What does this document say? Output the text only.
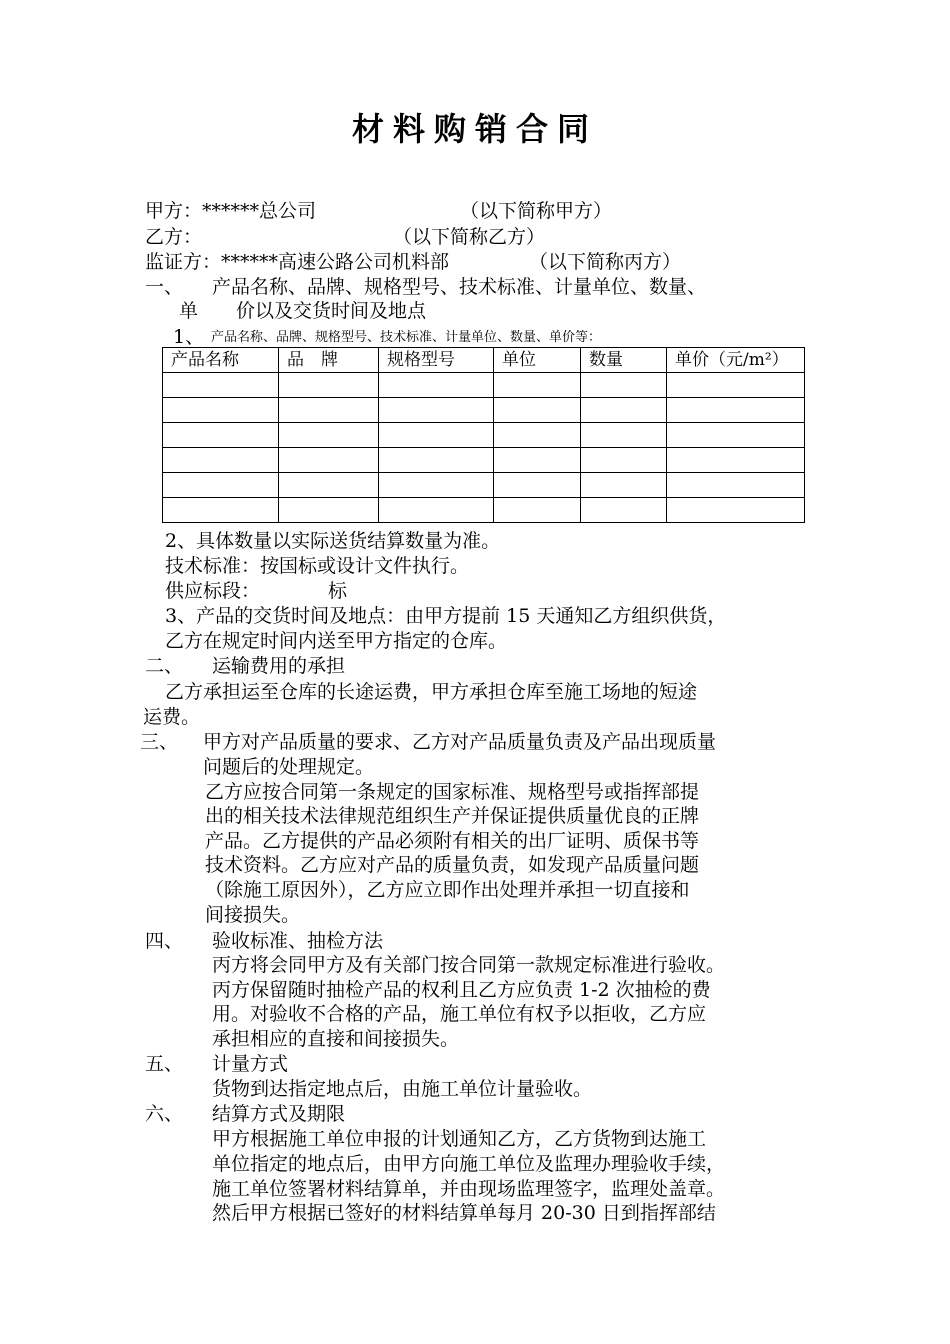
材料购销合同
甲方：******总公司	（以下简称甲方）
乙方：	（以下简称乙方）
监证方：******高速公路公司机料部	（以下简称丙方）
一、 产品名称、品牌、规格型号、技术标准、计量单位、数量、
单　　价以及交货时间及地点
1、 产品名称、品牌、规格型号、技术标准、计量单位、数量、单价等：
产品名称	品　牌	规格型号	单位	数量	单价（元/m²）

2、具体数量以实际送货结算数量为准。
技术标准：按国标或设计文件执行。
供应标段：	标
3、产品的交货时间及地点：由甲方提前 15 天通知乙方组织供货，
乙方在规定时间内送至甲方指定的仓库。
二、 运输费用的承担
乙方承担运至仓库的长途运费，甲方承担仓库至施工场地的短途
运费。
三、 甲方对产品质量的要求、乙方对产品质量负责及产品出现质量
问题后的处理规定。
乙方应按合同第一条规定的国家标准、规格型号或指挥部提
出的相关技术法律规范组织生产并保证提供质量优良的正牌
产品。乙方提供的产品必须附有相关的出厂证明、质保书等
技术资料。乙方应对产品的质量负责，如发现产品质量问题
（除施工原因外），乙方应立即作出处理并承担一切直接和
间接损失。
四、 验收标准、抽检方法
丙方将会同甲方及有关部门按合同第一款规定标准进行验收。
丙方保留随时抽检产品的权利且乙方应负责 1-2 次抽检的费
用。对验收不合格的产品，施工单位有权予以拒收，乙方应
承担相应的直接和间接损失。
五、 计量方式
货物到达指定地点后，由施工单位计量验收。
六、 结算方式及期限
甲方根据施工单位申报的计划通知乙方，乙方货物到达施工
单位指定的地点后，由甲方向施工单位及监理办理验收手续，
施工单位签署材料结算单，并由现场监理签字，监理处盖章。
然后甲方根据已签好的材料结算单每月 20-30 日到指挥部结
